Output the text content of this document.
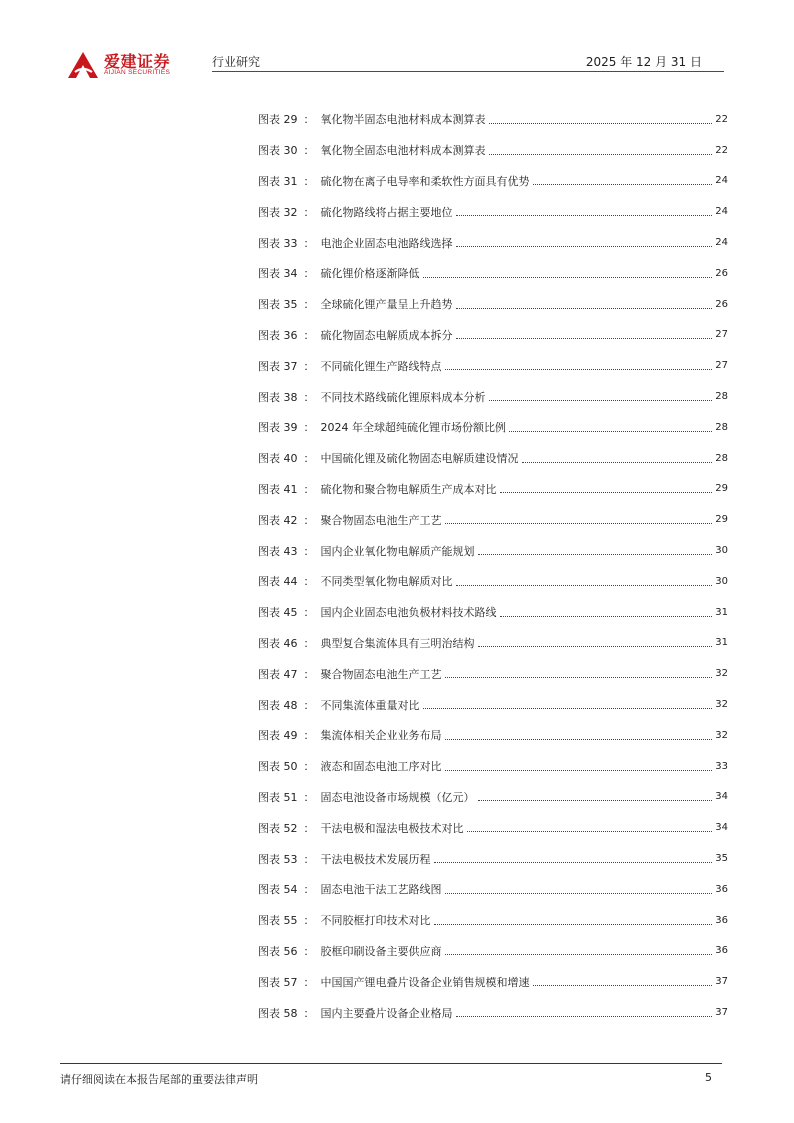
爱建证券
AIJIAN SECURITIES
行业研究	2025 年 12 月 31 日
图表 29 ： 氧化物半固态电池材料成本测算表	22
图表 30 ： 氧化物全固态电池材料成本测算表	22
图表 31 ： 硫化物在离子电导率和柔软性方面具有优势	24
图表 32 ： 硫化物路线将占据主要地位	24
图表 33 ： 电池企业固态电池路线选择	24
图表 34 ： 硫化锂价格逐渐降低	26
图表 35 ： 全球硫化锂产量呈上升趋势	26
图表 36 ： 硫化物固态电解质成本拆分	27
图表 37 ： 不同硫化锂生产路线特点	27
图表 38 ： 不同技术路线硫化锂原料成本分析	28
图表 39 ： 2024 年全球超纯硫化锂市场份额比例	28
图表 40 ： 中国硫化锂及硫化物固态电解质建设情况	28
图表 41 ： 硫化物和聚合物电解质生产成本对比	29
图表 42 ： 聚合物固态电池生产工艺	29
图表 43 ： 国内企业氧化物电解质产能规划	30
图表 44 ： 不同类型氧化物电解质对比	30
图表 45 ： 国内企业固态电池负极材料技术路线	31
图表 46 ： 典型复合集流体具有三明治结构	31
图表 47 ： 聚合物固态电池生产工艺	32
图表 48 ： 不同集流体重量对比	32
图表 49 ： 集流体相关企业业务布局	32
图表 50 ： 液态和固态电池工序对比	33
图表 51 ： 固态电池设备市场规模（亿元）	34
图表 52 ： 干法电极和湿法电极技术对比	34
图表 53 ： 干法电极技术发展历程	35
图表 54 ： 固态电池干法工艺路线图	36
图表 55 ： 不同胶框打印技术对比	36
图表 56 ： 胶框印刷设备主要供应商	36
图表 57 ： 中国国产锂电叠片设备企业销售规模和增速	37
图表 58 ： 国内主要叠片设备企业格局	37
请仔细阅读在本报告尾部的重要法律声明	5
